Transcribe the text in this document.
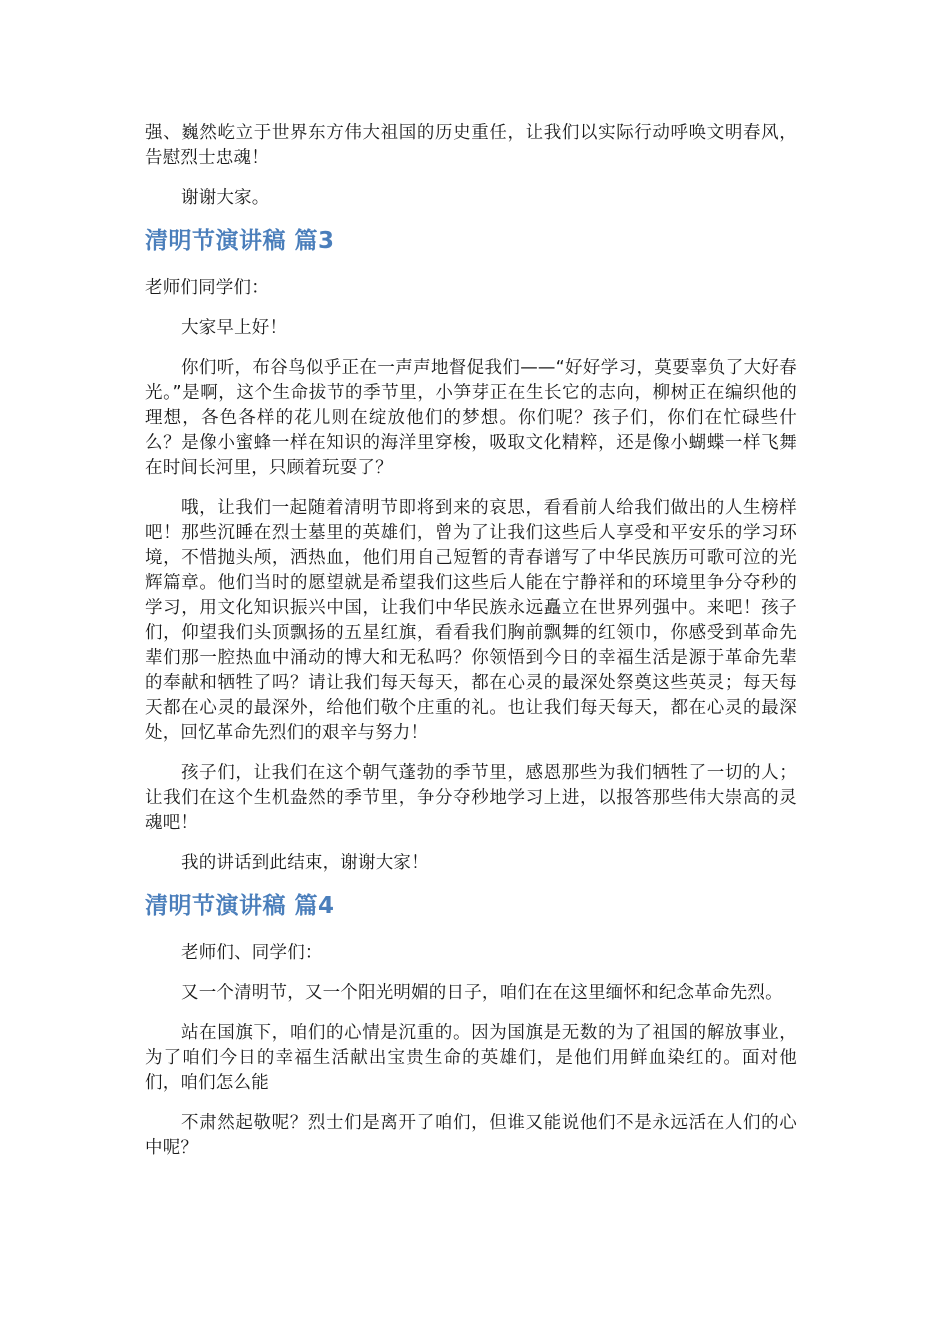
强、巍然屹立于世界东方伟大祖国的历史重任，让我们以实际行动呼唤文明春风，告慰烈士忠魂！

谢谢大家。

清明节演讲稿 篇3

老师们同学们：

大家早上好！

你们听，布谷鸟似乎正在一声声地督促我们——“好好学习，莫要辜负了大好春光。”是啊，这个生命拔节的季节里，小笋芽正在生长它的志向，柳树正在编织他的理想，各色各样的花儿则在绽放他们的梦想。你们呢？孩子们，你们在忙碌些什么？是像小蜜蜂一样在知识的海洋里穿梭，吸取文化精粹，还是像小蝴蝶一样飞舞在时间长河里，只顾着玩耍了？

哦，让我们一起随着清明节即将到来的哀思，看看前人给我们做出的人生榜样吧！那些沉睡在烈士墓里的英雄们，曾为了让我们这些后人享受和平安乐的学习环境，不惜抛头颅，洒热血，他们用自己短暂的青春谱写了中华民族历可歌可泣的光辉篇章。他们当时的愿望就是希望我们这些后人能在宁静祥和的环境里争分夺秒的学习，用文化知识振兴中国，让我们中华民族永远矗立在世界列强中。来吧！孩子们，仰望我们头顶飘扬的五星红旗，看看我们胸前飘舞的红领巾，你感受到革命先辈们那一腔热血中涌动的博大和无私吗？你领悟到今日的幸福生活是源于革命先辈的奉献和牺牲了吗？请让我们每天每天，都在心灵的最深处祭奠这些英灵；每天每天都在心灵的最深外，给他们敬个庄重的礼。也让我们每天每天，都在心灵的最深处，回忆革命先烈们的艰辛与努力！

孩子们，让我们在这个朝气蓬勃的季节里，感恩那些为我们牺牲了一切的人；让我们在这个生机盎然的季节里，争分夺秒地学习上进，以报答那些伟大崇高的灵魂吧！

我的讲话到此结束，谢谢大家！

清明节演讲稿 篇4

老师们、同学们：

又一个清明节，又一个阳光明媚的日子，咱们在在这里缅怀和纪念革命先烈。

站在国旗下，咱们的心情是沉重的。因为国旗是无数的为了祖国的解放事业，为了咱们今日的幸福生活献出宝贵生命的英雄们，是他们用鲜血染红的。面对他们，咱们怎么能

不肃然起敬呢？烈士们是离开了咱们，但谁又能说他们不是永远活在人们的心中呢？
